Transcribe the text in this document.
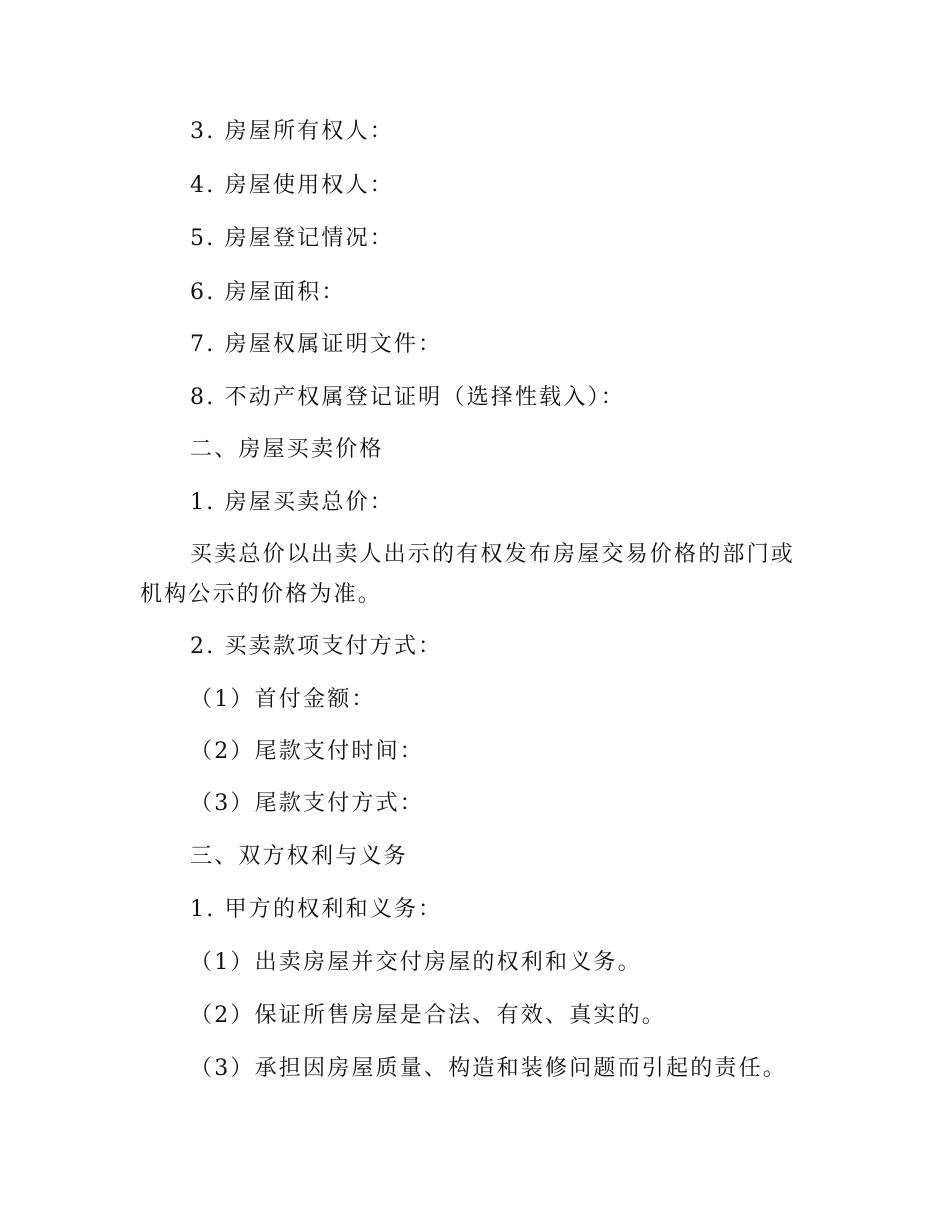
3. 房屋所有权人：
4. 房屋使用权人：
5. 房屋登记情况：
6. 房屋面积：
7. 房屋权属证明文件：
8. 不动产权属登记证明（选择性载入）：
二、房屋买卖价格
1. 房屋买卖总价：
买卖总价以出卖人出示的有权发布房屋交易价格的部门或
机构公示的价格为准。
2. 买卖款项支付方式：
（1）首付金额：
（2）尾款支付时间：
（3）尾款支付方式：
三、双方权利与义务
1. 甲方的权利和义务：
（1）出卖房屋并交付房屋的权利和义务。
（2）保证所售房屋是合法、有效、真实的。
（3）承担因房屋质量、构造和装修问题而引起的责任。
